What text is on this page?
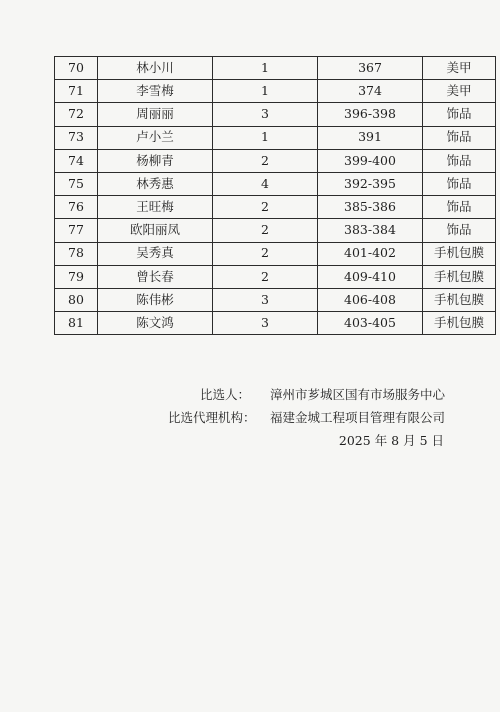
70	林小川	1	367	美甲
71	李雪梅	1	374	美甲
72	周丽丽	3	396-398	饰品
73	卢小兰	1	391	饰品
74	杨柳青	2	399-400	饰品
75	林秀惠	4	392-395	饰品
76	王旺梅	2	385-386	饰品
77	欧阳丽凤	2	383-384	饰品
78	吴秀真	2	401-402	手机包膜
79	曾长春	2	409-410	手机包膜
80	陈伟彬	3	406-408	手机包膜
81	陈文鸿	3	403-405	手机包膜
比选人： 漳州市芗城区国有市场服务中心
比选代理机构： 福建金城工程项目管理有限公司
2025 年 8 月 5 日
